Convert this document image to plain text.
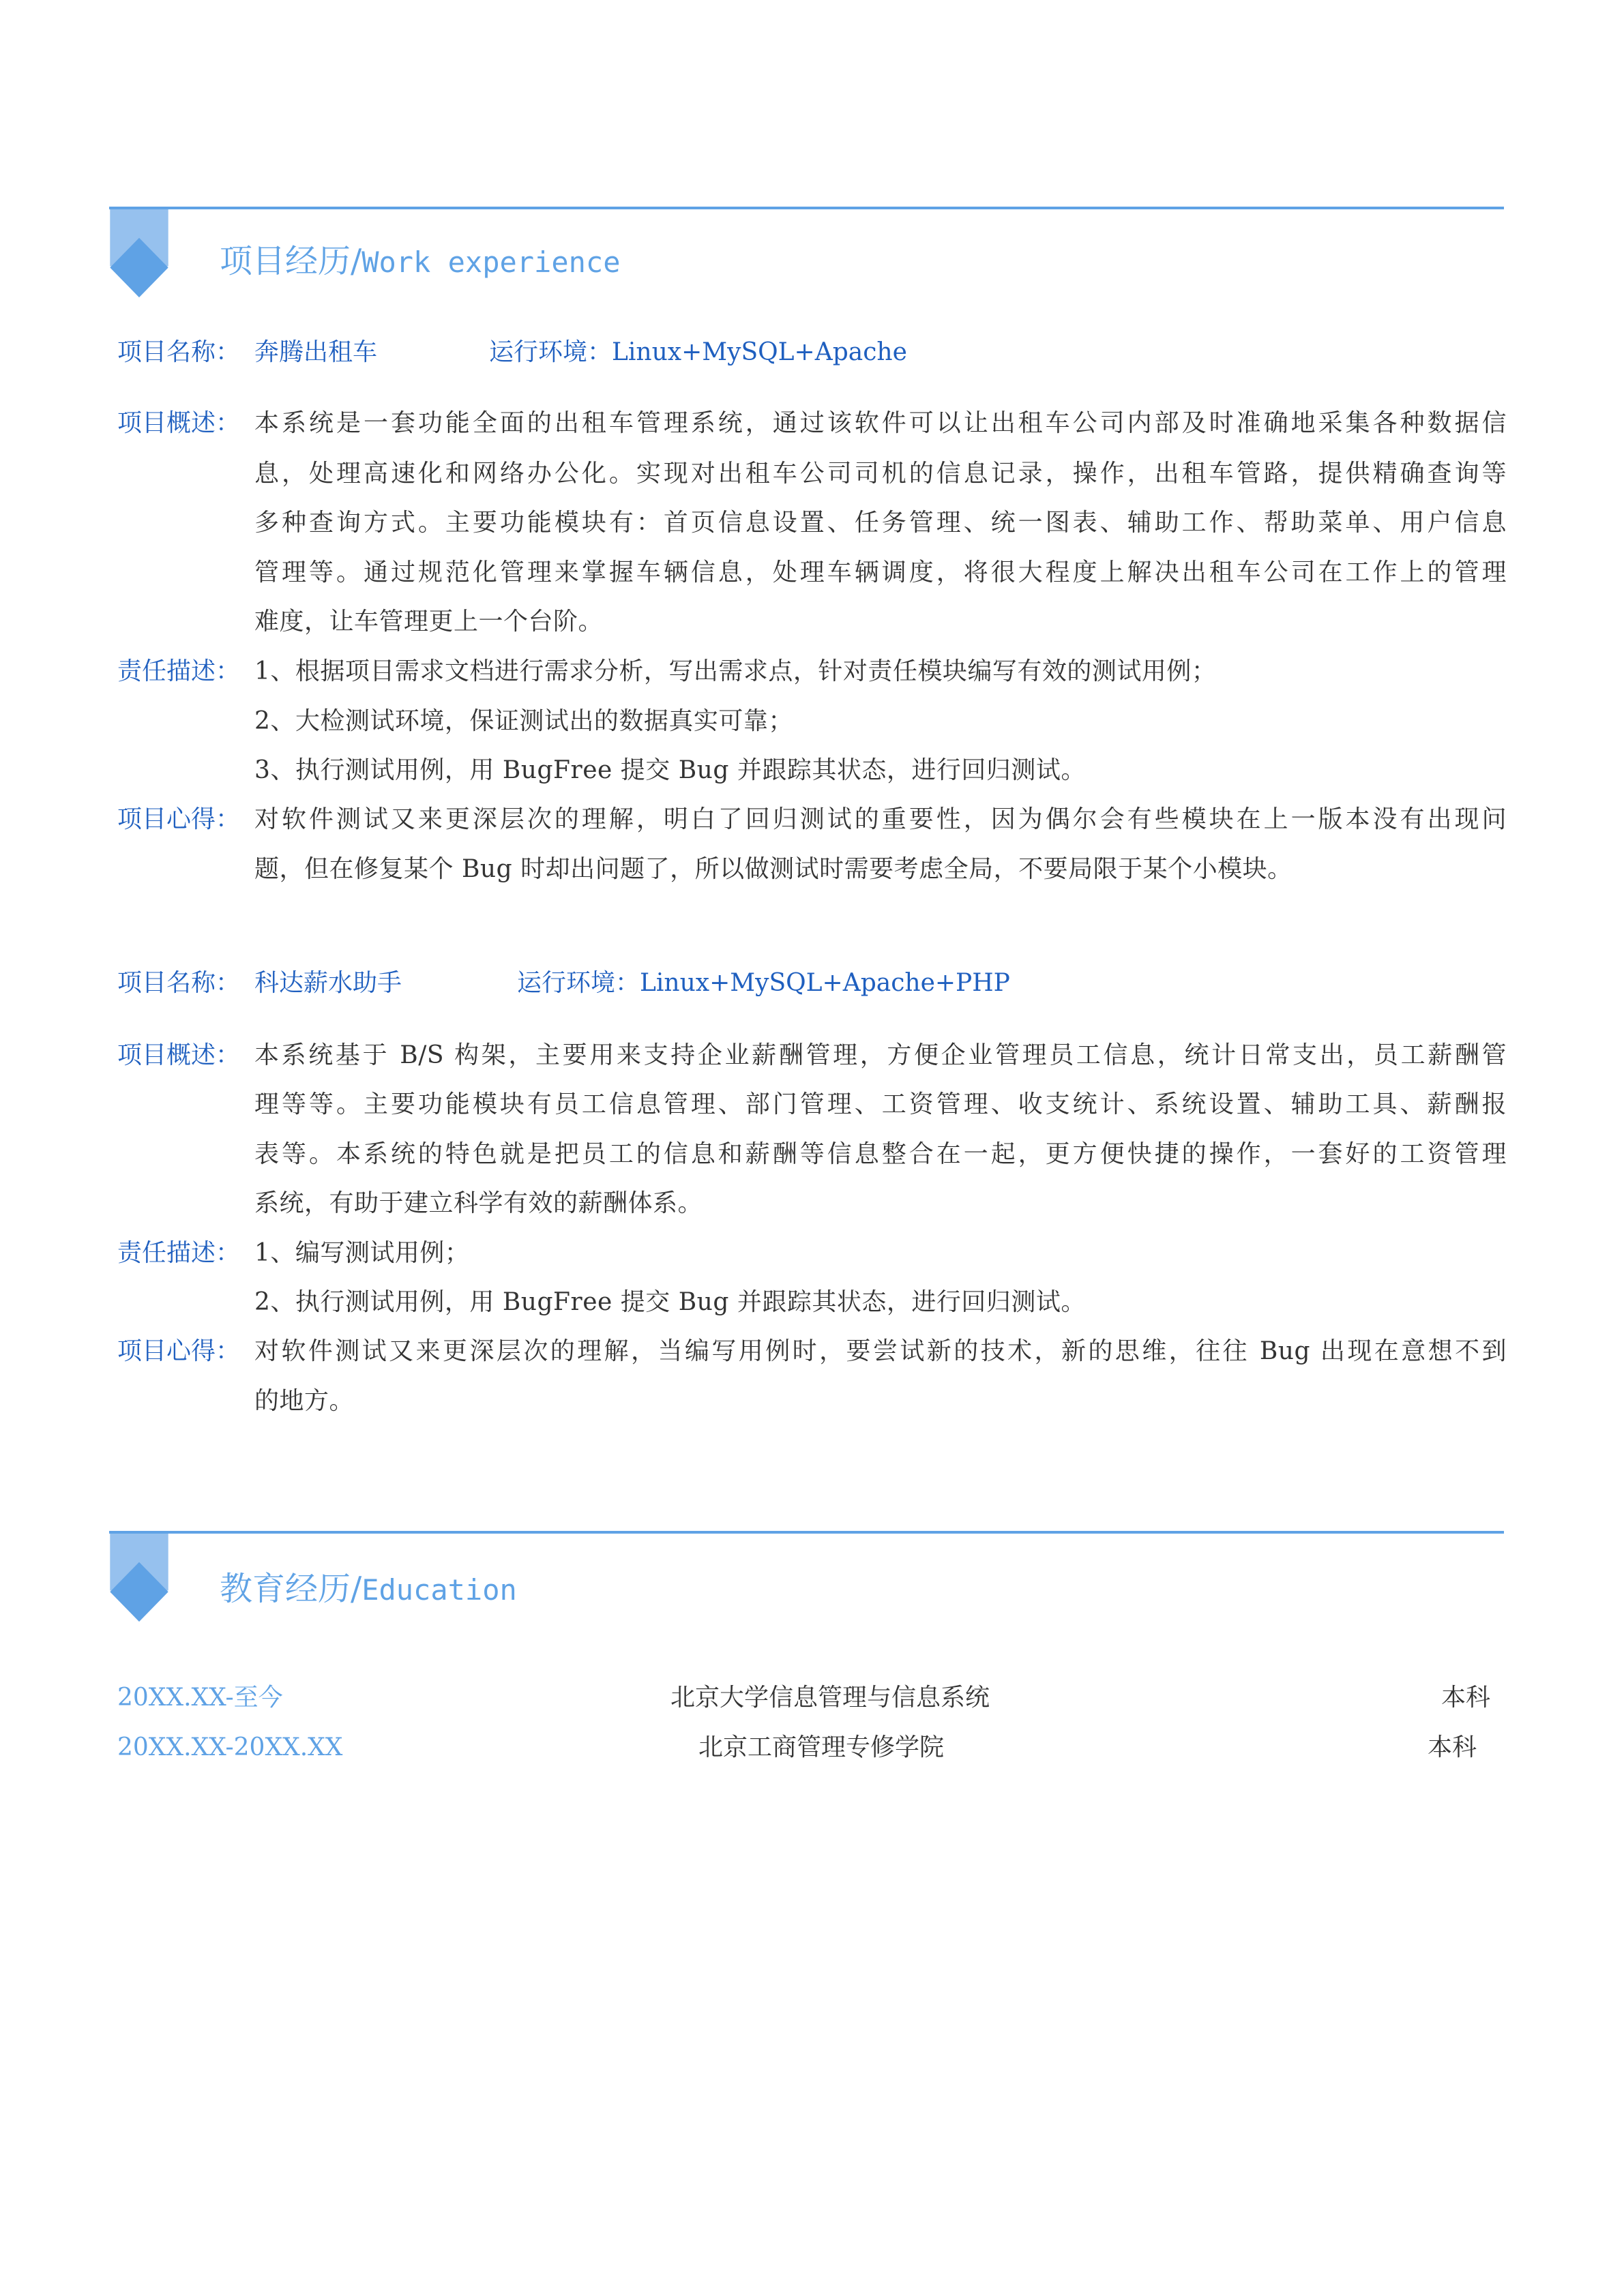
项目经历/Work experience
项目名称： 奔腾出租车	运行环境：Linux+MySQL+Apache
项目概述： 本系统是一套功能全面的出租车管理系统，通过该软件可以让出租车公司内部及时准确地采集各种数据信
息，处理高速化和网络办公化。实现对出租车公司司机的信息记录，操作，出租车管路，提供精确查询等
多种查询方式。主要功能模块有：首页信息设置、任务管理、统一图表、辅助工作、帮助菜单、用户信息
管理等。通过规范化管理来掌握车辆信息，处理车辆调度，将很大程度上解决出租车公司在工作上的管理
难度，让车管理更上一个台阶。
责任描述： 1、根据项目需求文档进行需求分析，写出需求点，针对责任模块编写有效的测试用例；
2、大检测试环境，保证测试出的数据真实可靠；
3、执行测试用例，用 BugFree 提交 Bug 并跟踪其状态，进行回归测试。
项目心得： 对软件测试又来更深层次的理解，明白了回归测试的重要性，因为偶尔会有些模块在上一版本没有出现问
题，但在修复某个 Bug 时却出问题了，所以做测试时需要考虑全局，不要局限于某个小模块。
项目名称： 科达薪水助手	运行环境：Linux+MySQL+Apache+PHP
项目概述： 本系统基于 B/S 构架，主要用来支持企业薪酬管理，方便企业管理员工信息，统计日常支出，员工薪酬管
理等等。主要功能模块有员工信息管理、部门管理、工资管理、收支统计、系统设置、辅助工具、薪酬报
表等。本系统的特色就是把员工的信息和薪酬等信息整合在一起，更方便快捷的操作，一套好的工资管理
系统，有助于建立科学有效的薪酬体系。
责任描述： 1、编写测试用例；
2、执行测试用例，用 BugFree 提交 Bug 并跟踪其状态，进行回归测试。
项目心得： 对软件测试又来更深层次的理解，当编写用例时，要尝试新的技术，新的思维，往往 Bug 出现在意想不到
的地方。
教育经历/Education
20XX.XX-至今	北京大学信息管理与信息系统	本科
20XX.XX-20XX.XX	北京工商管理专修学院	本科
